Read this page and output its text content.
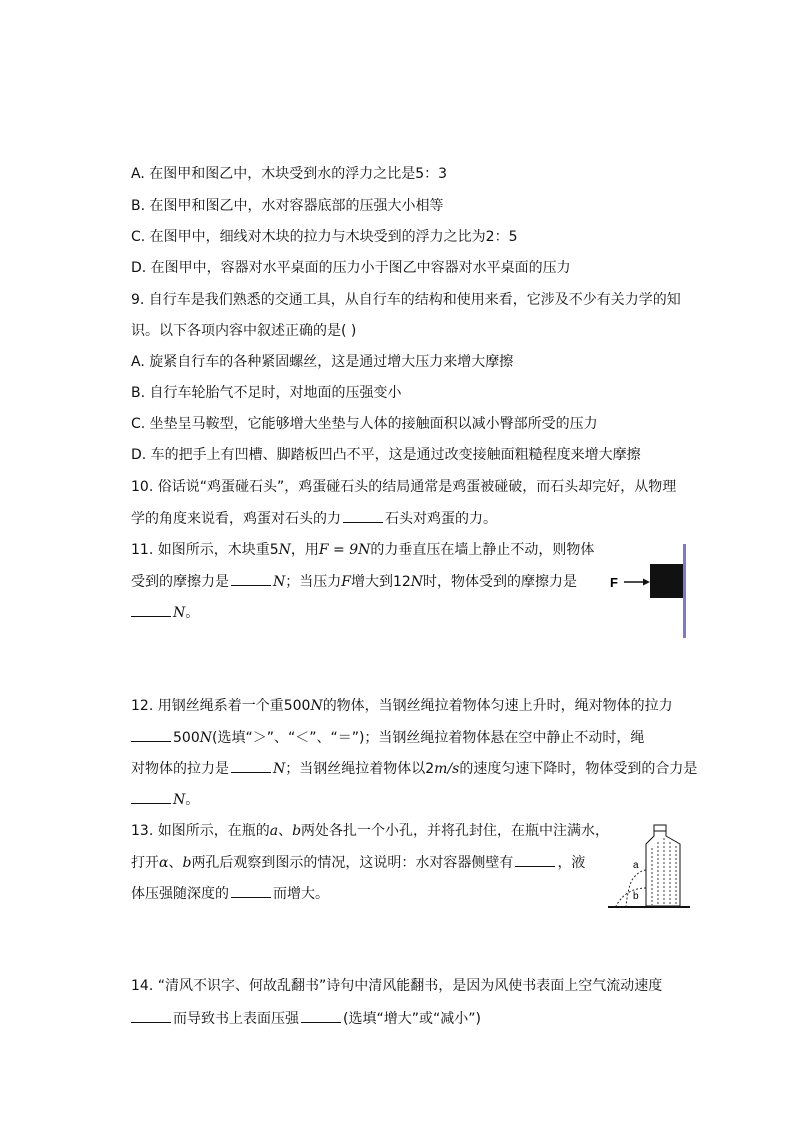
A. 在图甲和图乙中，木块受到水的浮力之比是5：3
B. 在图甲和图乙中，水对容器底部的压强大小相等
C. 在图甲中，细线对木块的拉力与木块受到的浮力之比为2：5
D. 在图甲中，容器对水平桌面的压力小于图乙中容器对水平桌面的压力
9. 自行车是我们熟悉的交通工具，从自行车的结构和使用来看，它涉及不少有关力学的知
识。以下各项内容中叙述正确的是( )
A. 旋紧自行车的各种紧固螺丝，这是通过增大压力来增大摩擦
B. 自行车轮胎气不足时，对地面的压强变小
C. 坐垫呈马鞍型，它能够增大坐垫与人体的接触面积以减小臀部所受的压力
D. 车的把手上有凹槽、脚踏板凹凸不平，这是通过改变接触面粗糙程度来增大摩擦
10. 俗话说“鸡蛋碰石头”，鸡蛋碰石头的结局通常是鸡蛋被碰破，而石头却完好，从物理
学的角度来说看，鸡蛋对石头的力	石头对鸡蛋的力。
11. 如图所示，木块重5N，用F = 9N的力垂直压在墙上静止不动，则物体
受到的摩擦力是	N；当压力F增大到12N时，物体受到的摩擦力是
N。
F
12. 用钢丝绳系着一个重500N的物体，当钢丝绳拉着物体匀速上升时，绳对物体的拉力
500N(选填“＞”、“＜”、“＝”)；当钢丝绳拉着物体悬在空中静止不动时，绳
对物体的拉力是	N；当钢丝绳拉着物体以2m/s的速度匀速下降时，物体受到的合力是
N。
13. 如图所示，在瓶的a、b两处各扎一个小孔，并将孔封住，在瓶中注满水，
打开α、b两孔后观察到图示的情况，这说明：水对容器侧壁有	，液
体压强随深度的	而增大。
a
b
14. “清风不识字、何故乱翻书”诗句中清风能翻书，是因为风使书表面上空气流动速度
而导致书上表面压强	(选填“增大”或“减小”)
